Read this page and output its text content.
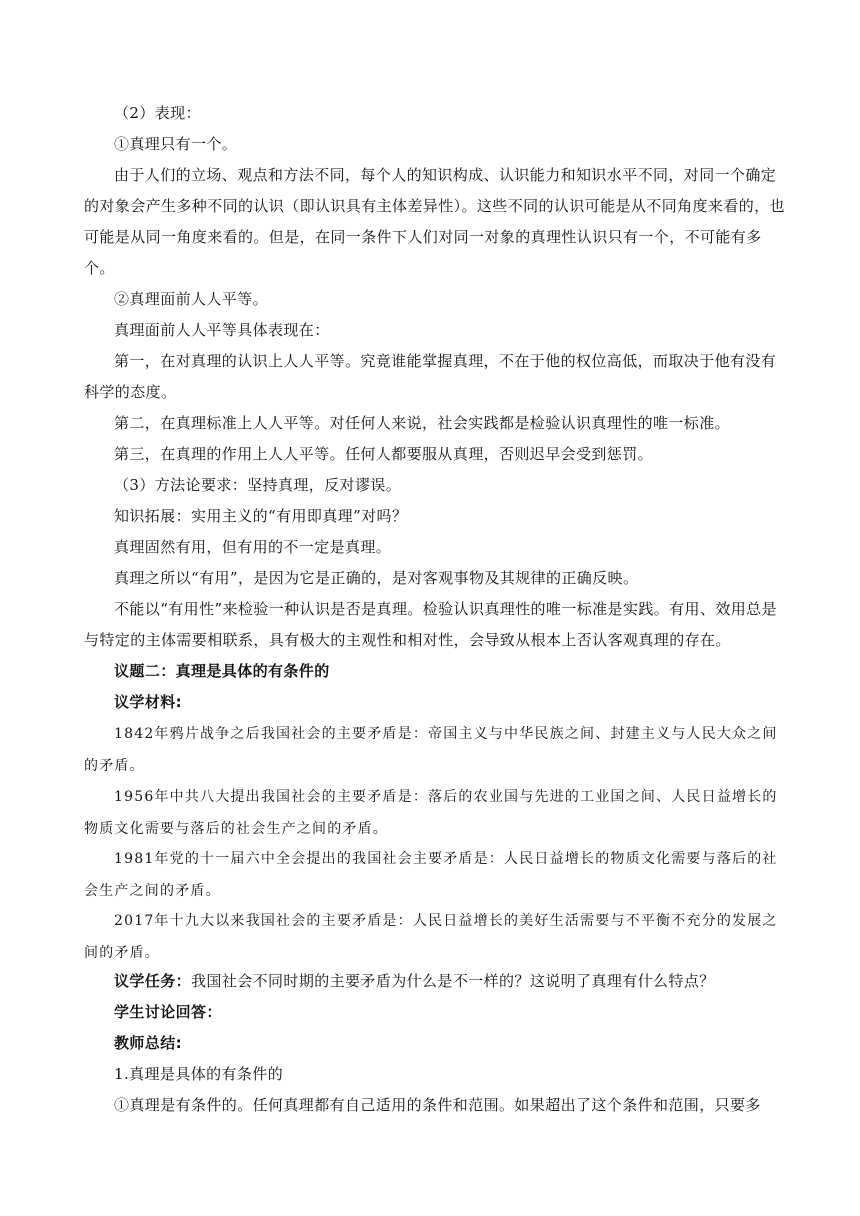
（2）表现：

①真理只有一个。

由于人们的立场、观点和方法不同，每个人的知识构成、认识能力和知识水平不同，对同一个确定的对象会产生多种不同的认识（即认识具有主体差异性）。这些不同的认识可能是从不同角度来看的，也可能是从同一角度来看的。但是，在同一条件下人们对同一对象的真理性认识只有一个，不可能有多个。

②真理面前人人平等。

真理面前人人平等具体表现在：

第一，在对真理的认识上人人平等。究竟谁能掌握真理，不在于他的权位高低，而取决于他有没有科学的态度。

第二，在真理标准上人人平等。对任何人来说，社会实践都是检验认识真理性的唯一标准。

第三，在真理的作用上人人平等。任何人都要服从真理，否则迟早会受到惩罚。

（3）方法论要求：坚持真理，反对谬误。

知识拓展：实用主义的“有用即真理”对吗？

真理固然有用，但有用的不一定是真理。

真理之所以“有用”，是因为它是正确的，是对客观事物及其规律的正确反映。

不能以“有用性”来检验一种认识是否是真理。检验认识真理性的唯一标准是实践。有用、效用总是与特定的主体需要相联系，具有极大的主观性和相对性，会导致从根本上否认客观真理的存在。

议题二：真理是具体的有条件的

议学材料:

1842年鸦片战争之后我国社会的主要矛盾是：帝国主义与中华民族之间、封建主义与人民大众之间的矛盾。

1956年中共八大提出我国社会的主要矛盾是：落后的农业国与先进的工业国之间、人民日益增长的物质文化需要与落后的社会生产之间的矛盾。

1981年党的十一届六中全会提出的我国社会主要矛盾是：人民日益增长的物质文化需要与落后的社会生产之间的矛盾。

2017年十九大以来我国社会的主要矛盾是：人民日益增长的美好生活需要与不平衡不充分的发展之间的矛盾。

议学任务：我国社会不同时期的主要矛盾为什么是不一样的？这说明了真理有什么特点？

学生讨论回答：

教师总结:

1.真理是具体的有条件的

①真理是有条件的。任何真理都有自己适用的条件和范围。如果超出了这个条件和范围，只要多
